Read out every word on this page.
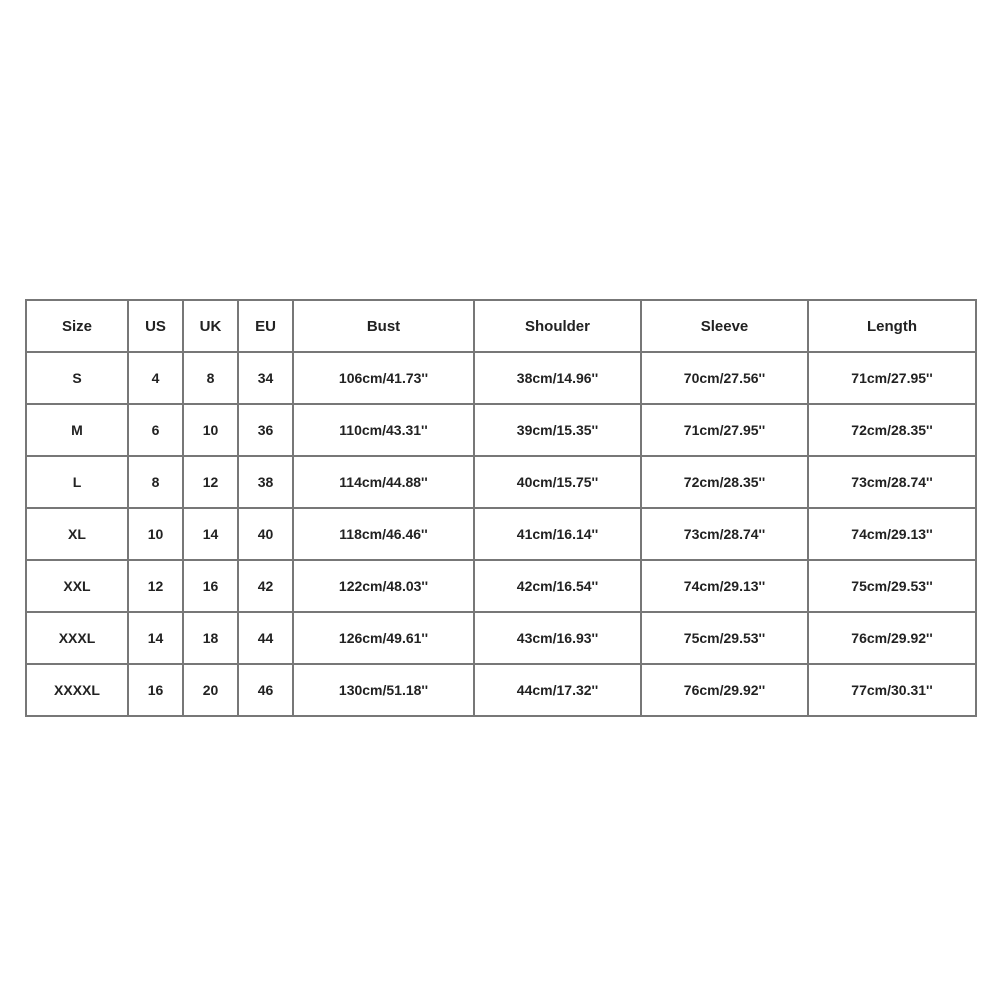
Size	US	UK	EU	Bust	Shoulder	Sleeve	Length
S	4	8	34	106cm/41.73''	38cm/14.96''	70cm/27.56''	71cm/27.95''
M	6	10	36	110cm/43.31''	39cm/15.35''	71cm/27.95''	72cm/28.35''
L	8	12	38	114cm/44.88''	40cm/15.75''	72cm/28.35''	73cm/28.74''
XL	10	14	40	118cm/46.46''	41cm/16.14''	73cm/28.74''	74cm/29.13''
XXL	12	16	42	122cm/48.03''	42cm/16.54''	74cm/29.13''	75cm/29.53''
XXXL	14	18	44	126cm/49.61''	43cm/16.93''	75cm/29.53''	76cm/29.92''
XXXXL	16	20	46	130cm/51.18''	44cm/17.32''	76cm/29.92''	77cm/30.31''
